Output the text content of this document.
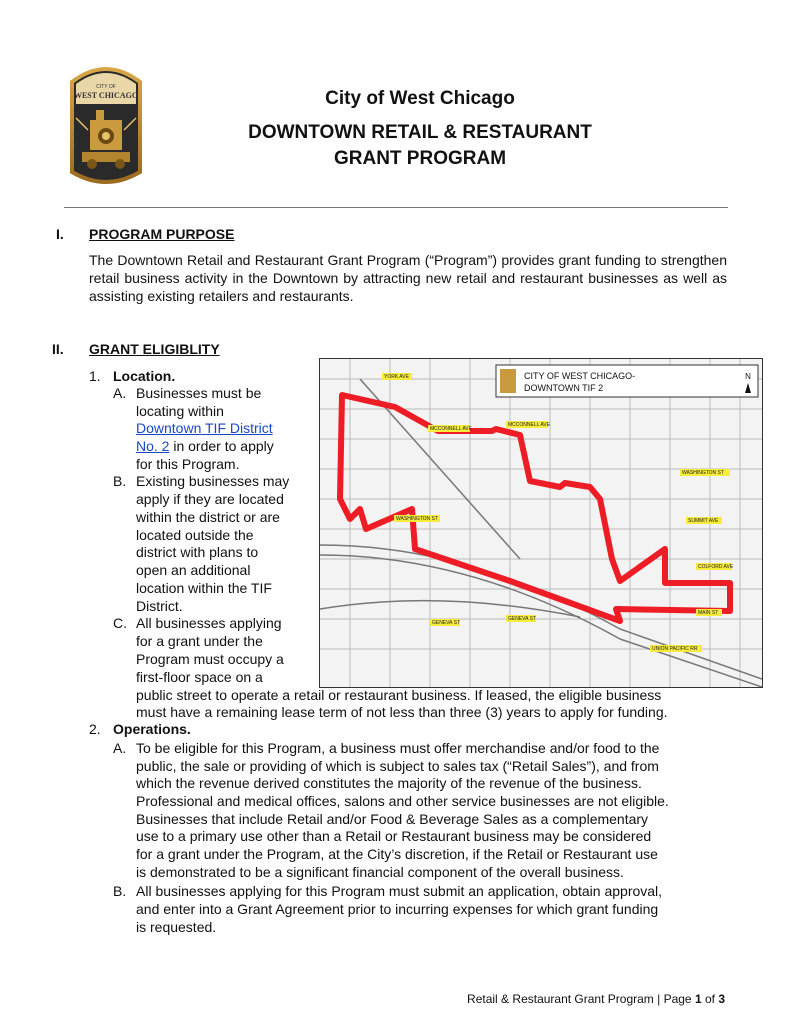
CITY OF
WEST CHICAGO	City of West Chicago
DOWNTOWN RETAIL & RESTAURANT
GRANT PROGRAM
I. PROGRAM PURPOSE
The Downtown Retail and Restaurant Grant Program (“Program”) provides grant funding to strengthen retail business activity in the Downtown by attracting new retail and restaurant businesses as well as assisting existing retailers and restaurants.
II. GRANT ELIGIBLITY
1. Location.
A. Businesses must be
locating within
Downtown TIF District
No. 2 in order to apply
for this Program.
B. Existing businesses may
apply if they are located
within the district or are
located outside the
district with plans to
open an additional
location within the TIF
District.
C. All businesses applying
for a grant under the
Program must occupy a
first-floor space on a
public street to operate a retail or restaurant business. If leased, the eligible business
must have a remaining lease term of not less than three (3) years to apply for funding.
2. Operations.
A. To be eligible for this Program, a business must offer merchandise and/or food to the
public, the sale or providing of which is subject to sales tax (“Retail Sales”), and from
which the revenue derived constitutes the majority of the revenue of the business.
Professional and medical offices, salons and other service businesses are not eligible.
Businesses that include Retail and/or Food & Beverage Sales as a complementary
use to a primary use other than a Retail or Restaurant business may be considered
for a grant under the Program, at the City’s discretion, if the Retail or Restaurant use
is demonstrated to be a significant financial component of the overall business.
B. All businesses applying for this Program must submit an application, obtain approval,
and enter into a Grant Agreement prior to incurring expenses for which grant funding
is requested.
CITY OF WEST CHICAGO-
DOWNTOWN TIF 2
N
YORK AVE
MCCONNELL AVE
MCCONNELL AVE
WASHINGTON ST
WASHINGTON ST
SUMMIT AVE
COLFORD AVE
MAIN ST
GENEVA ST
GENEVA ST
UNION PACIFIC RR
Retail & Restaurant Grant Program | Page 1 of 3
